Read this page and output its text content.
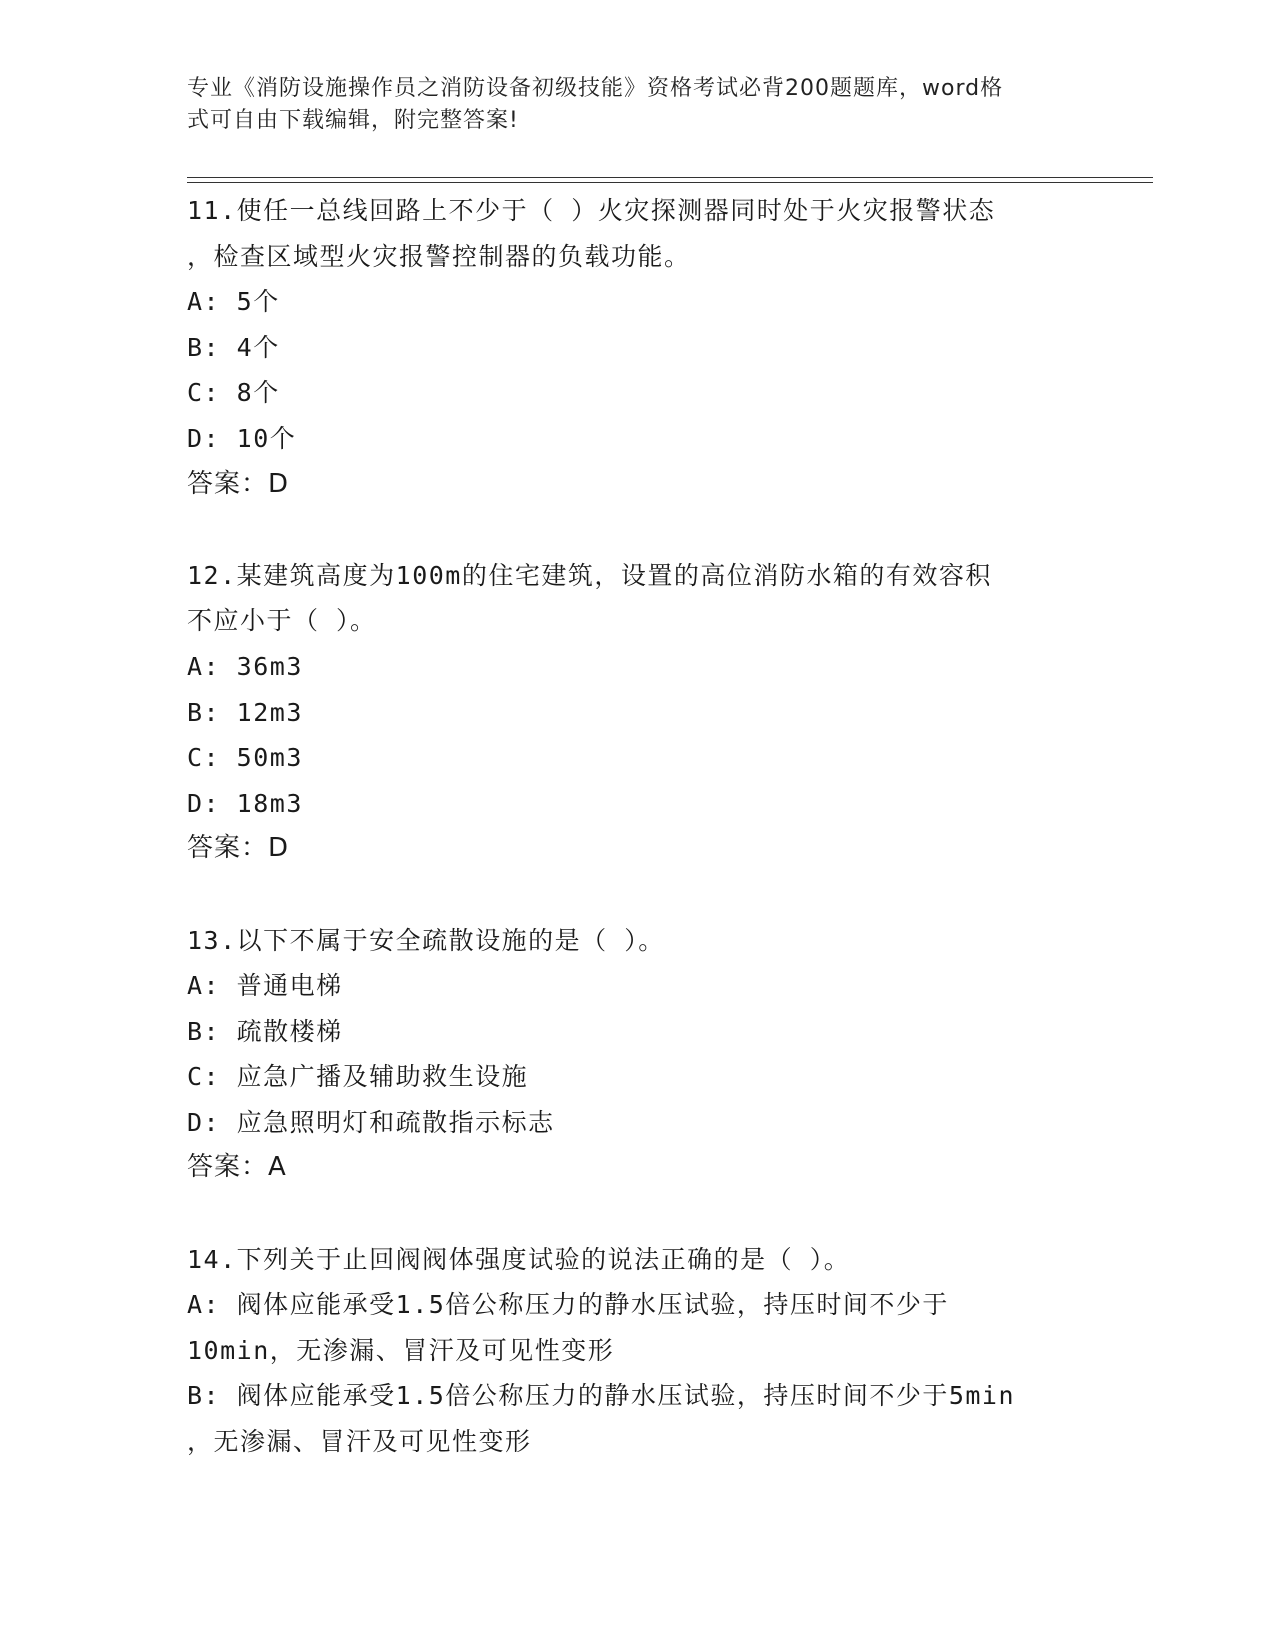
专业《消防设施操作员之消防设备初级技能》资格考试必背200题题库，word格
式可自由下载编辑，附完整答案!
11.使任一总线回路上不少于（ ）火灾探测器同时处于火灾报警状态
，检查区域型火灾报警控制器的负载功能。
A: 5个
B: 4个
C: 8个
D: 10个
答案：D
12.某建筑高度为100m的住宅建筑，设置的高位消防水箱的有效容积
不应小于（ ）。
A: 36m3
B: 12m3
C: 50m3
D: 18m3
答案：D
13.以下不属于安全疏散设施的是（ ）。
A: 普通电梯
B: 疏散楼梯
C: 应急广播及辅助救生设施
D: 应急照明灯和疏散指示标志
答案：A
14.下列关于止回阀阀体强度试验的说法正确的是（ ）。
A: 阀体应能承受1.5倍公称压力的静水压试验，持压时间不少于
10min，无渗漏、冒汗及可见性变形
B: 阀体应能承受1.5倍公称压力的静水压试验，持压时间不少于5min
，无渗漏、冒汗及可见性变形
